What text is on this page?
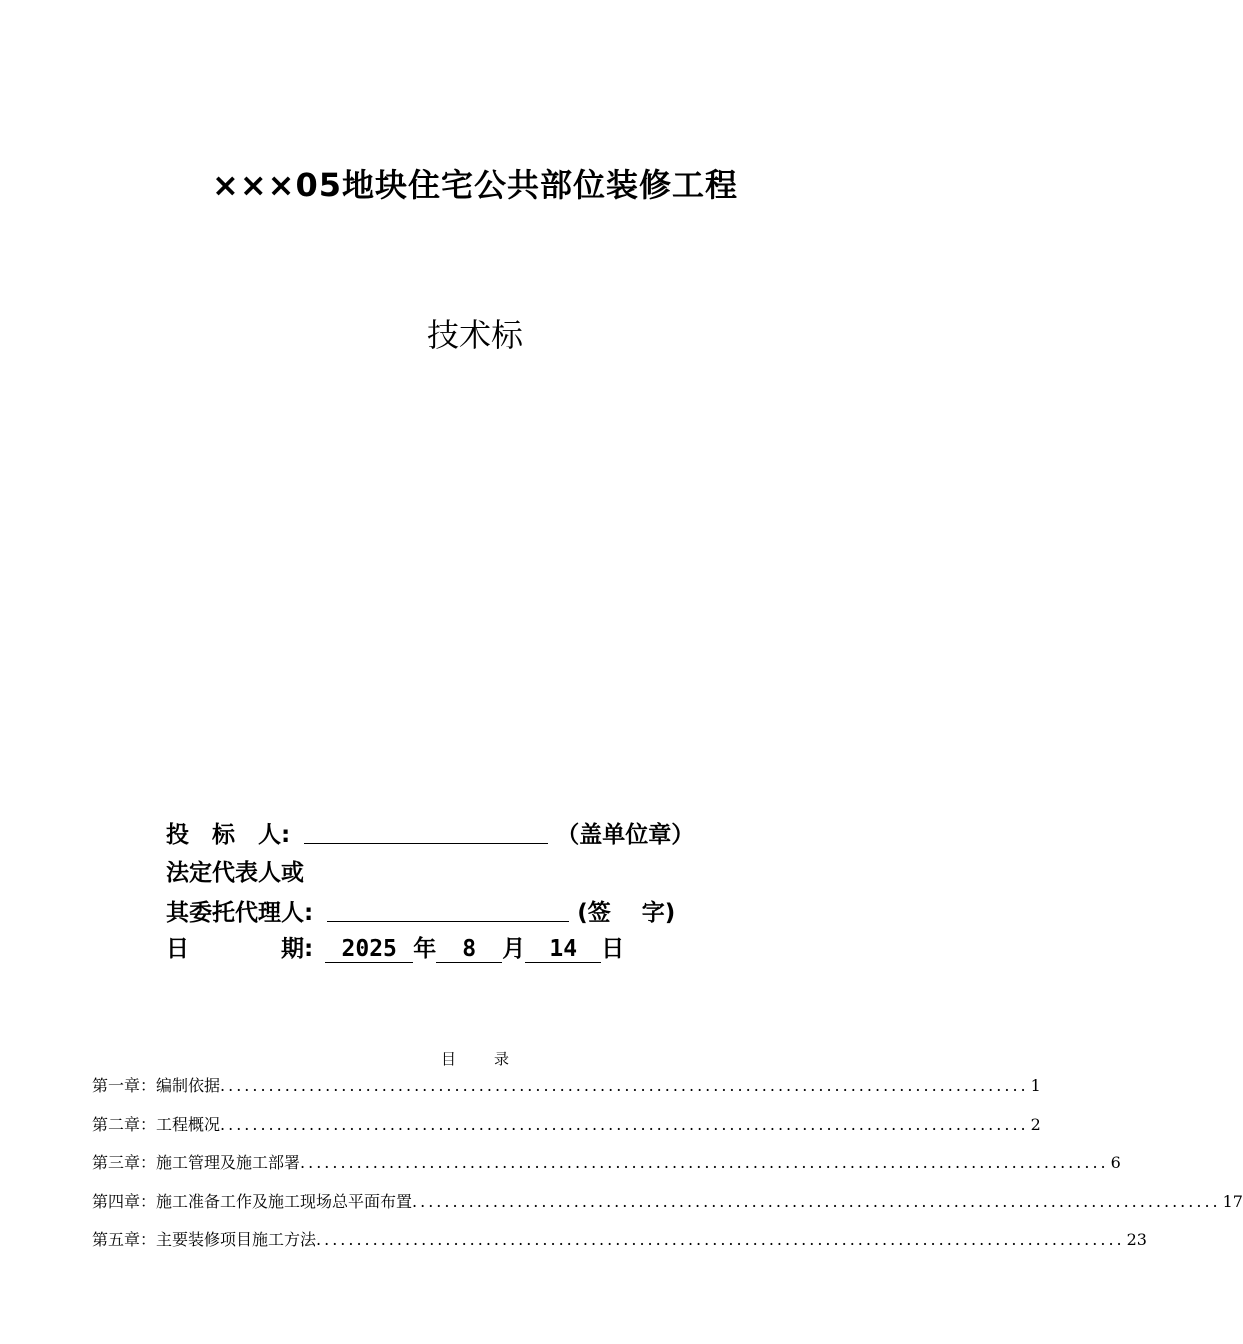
×××05地块住宅公共部位装修工程
技术标
投　标　人:	（盖单位章）
法定代表人或
其委托代理人:	(签　 字)
日　　　　期: 2025 年 8 月 14 日
目录
第一章：编制依据 .................................................................................................... 1
第二章：工程概况 .................................................................................................... 2
第三章：施工管理及施工部署 .................................................................................................... 6
第四章：施工准备工作及施工现场总平面布置 .................................................................................................... 17
第五章：主要装修项目施工方法 .................................................................................................... 23
